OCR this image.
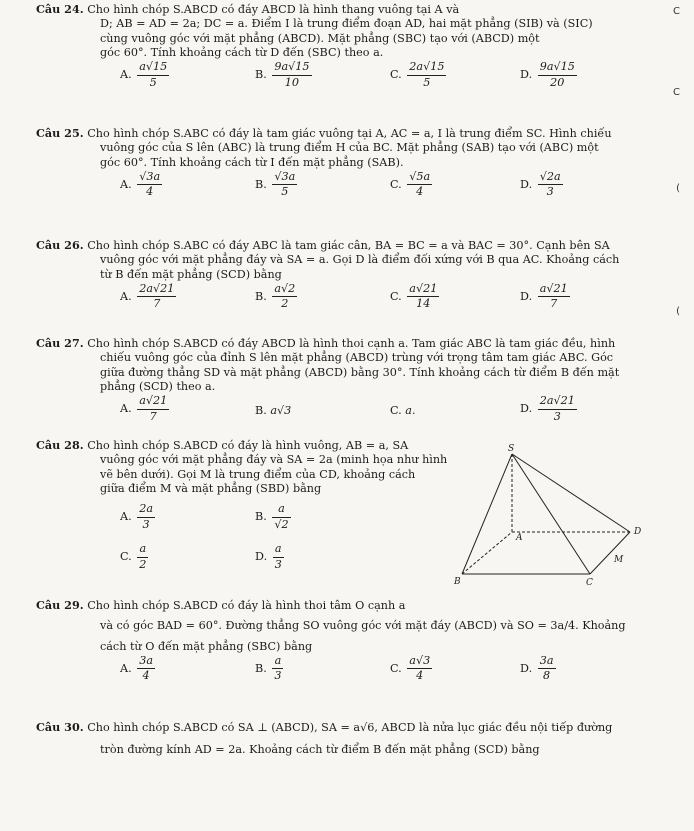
C
C
(
(
Câu 24. Cho hình chóp S.ABCD có đáy ABCD là hình thang vuông tại A và
D; AB = AD = 2a; DC = a. Điểm I là trung điểm đoạn AD, hai mặt phẳng (SIB) và (SIC)
cùng vuông góc với mặt phẳng (ABCD). Mặt phẳng (SBC) tạo với (ABCD) một
góc 60°. Tính khoảng cách từ D đến (SBC) theo a.
A. $\frac{a√15}{5}$	B. $\frac{9a√15}{10}$	C. $\frac{2a√15}{5}$	D. $\frac{9a√15}{20}$
Câu 25. Cho hình chóp S.ABC có đáy là tam giác vuông tại A, AC = a, I là trung điểm SC. Hình chiếu
vuông góc của S lên (ABC) là trung điểm H của BC. Mặt phẳng (SAB) tạo với (ABC) một
góc 60°. Tính khoảng cách từ I đến mặt phẳng (SAB).
A. $\frac{√3a}{4}$	B. $\frac{√3a}{5}$	C. $\frac{√5a}{4}$	D. $\frac{√2a}{3}$
Câu 26. Cho hình chóp S.ABC có đáy ABC là tam giác cân, BA = BC = a và BAC = 30°. Cạnh bên SA
vuông góc với mặt phẳng đáy và SA = a. Gọi D là điểm đối xứng với B qua AC. Khoảng cách
từ B đến mặt phẳng (SCD) bằng
A. $\frac{2a√21}{7}$	B. $\frac{a√2}{2}$	C. $\frac{a√21}{14}$	D. $\frac{a√21}{7}$
Câu 27. Cho hình chóp S.ABCD có đáy ABCD là hình thoi cạnh a. Tam giác ABC là tam giác đều, hình
chiếu vuông góc của đỉnh S lên mặt phẳng (ABCD) trùng với trọng tâm tam giác ABC. Góc
giữa đường thẳng SD và mặt phẳng (ABCD) bằng 30°. Tính khoảng cách từ điểm B đến mặt
phẳng (SCD) theo a.
A. $\frac{a√21}{7}$	B. a√3	C. a.	D. $\frac{2a√21}{3}$
Câu 28. Cho hình chóp S.ABCD có đáy là hình vuông, AB = a, SA
vuông góc với mặt phẳng đáy và SA = 2a (minh họa như hình
vẽ bên dưới). Gọi M là trung điểm của CD, khoảng cách
giữa điểm M và mặt phẳng (SBD) bằng
A. $\frac{2a}{3}$	B. $\frac{a}{√2}$
C. $\frac{a}{2}$	D. $\frac{a}{3}$
S
A
B	C
D
M
Câu 29. Cho hình chóp S.ABCD có đáy là hình thoi tâm O cạnh a
và có góc BAD = 60°. Đường thẳng SO vuông góc với mặt đáy (ABCD) và SO = 3a/4. Khoảng
cách từ O đến mặt phẳng (SBC) bằng
A. $\frac{3a}{4}$	B. $\frac{a}{3}$	C. $\frac{a√3}{4}$	D. $\frac{3a}{8}$
Câu 30. Cho hình chóp S.ABCD có SA ⊥ (ABCD), SA = a√6, ABCD là nửa lục giác đều nội tiếp đường
tròn đường kính AD = 2a. Khoảng cách từ điểm B đến mặt phẳng (SCD) bằng
